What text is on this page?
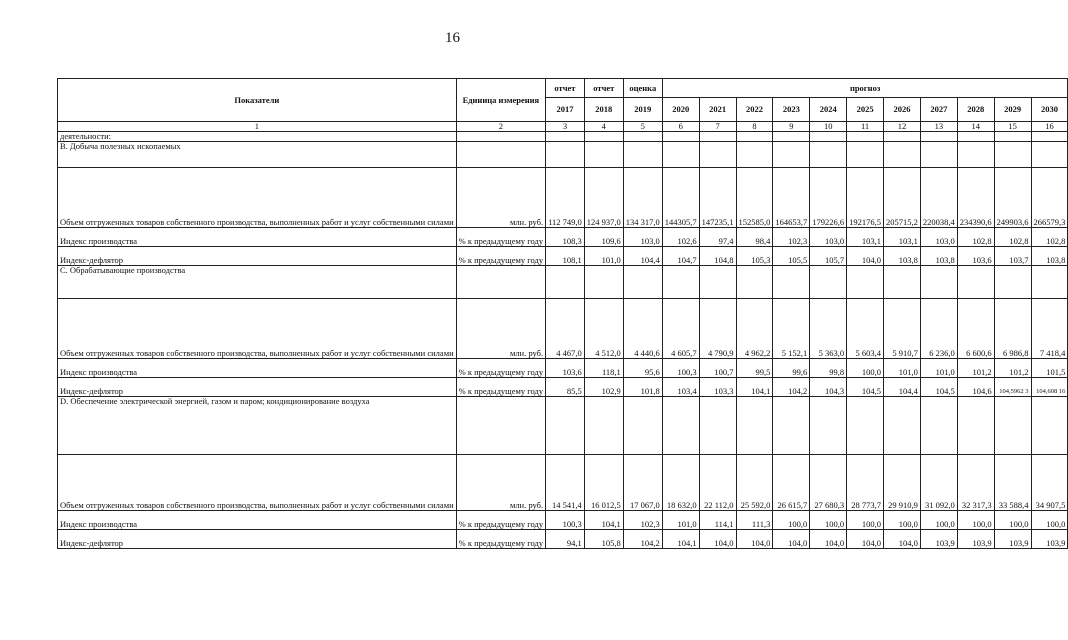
16
Показатели	Единица измерения	отчет	отчет	оценка	прогноз										
		2017	2018	2019	2020	2021	2022	2023	2024	2025	2026	2027	2028	2029	2030
1	2	3	4	5	6	7	8	9	10	11	12	13	14	15	16
деятельности:															
В. Добыча полезных ископаемых															
Объем отгруженных товаров собственного производства, выполненных работ и услуг собственными силами	млн. руб.	112 749,0	124 937,0	134 317,0	144305,7	147235,1	152585,0	164653,7	179226,6	192176,5	205715,2	220038,4	234390,6	249903,6	266579,3
Индекс производства	% к предыдущему году	108,3	109,6	103,0	102,6	97,4	98,4	102,3	103,0	103,1	103,1	103,0	102,8	102,8	102,8
Индекс-дефлятор	% к предыдущему году	108,1	101,0	104,4	104,7	104,8	105,3	105,5	105,7	104,0	103,8	103,8	103,6	103,7	103,8
С. Обрабатывающие производства															
Объем отгруженных товаров собственного производства, выполненных работ и услуг собственными силами	млн. руб.	4 467,0	4 512,0	4 440,6	4 605,7	4 790,9	4 962,2	5 152,1	5 363,0	5 603,4	5 910,7	6 236,0	6 600,6	6 986,8	7 418,4
Индекс производства	% к предыдущему году	103,6	118,1	95,6	100,3	100,7	99,5	99,6	99,8	100,0	101,0	101,0	101,2	101,2	101,5
Индекс-дефлятор	% к предыдущему году	85,5	102,9	101,8	103,4	103,3	104,1	104,2	104,3	104,5	104,4	104,5	104,6	104,5962 3	104,608 16
D. Обеспечение электрической энергией, газом и паром; кондиционирование воздуха															
Объем отгруженных товаров собственного производства, выполненных работ и услуг собственными силами	млн. руб.	14 541,4	16 012,5	17 067,0	18 632,0	22 112,0	25 592,0	26 615,7	27 680,3	28 773,7	29 910,9	31 092,0	32 317,3	33 588,4	34 907,5
Индекс производства	% к предыдущему году	100,3	104,1	102,3	101,0	114,1	111,3	100,0	100,0	100,0	100,0	100,0	100,0	100,0	100,0
Индекс-дефлятор	% к предыдущему году	94,1	105,8	104,2	104,1	104,0	104,0	104,0	104,0	104,0	104,0	103,9	103,9	103,9	103,9
